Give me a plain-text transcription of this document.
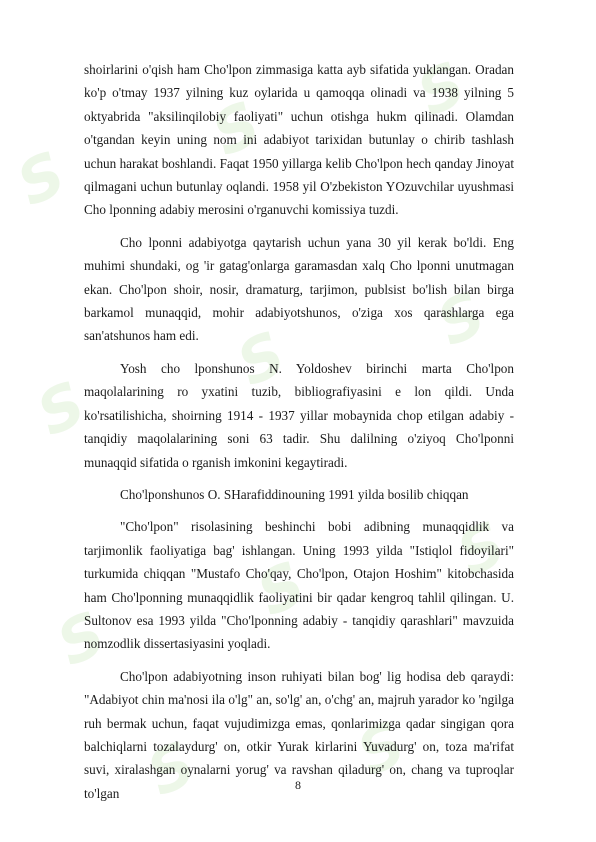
S
S S
S
S S
S
S S
S S

shoirlarini o'qish ham Cho'lpon zimmasiga katta ayb sifatida yuklangan. Oradan ko'p o'tmay 1937 yilning kuz oylarida u qamoqqa olinadi va 1938 yilning 5 oktyabrida "aksilinqilobiy faoliyati" uchun otishga hukm qilinadi. Olamdan o'tgandan keyin uning nom ini adabiyot tarixidan butunlay o chirib tashlash uchun harakat boshlandi. Faqat 1950 yillarga kelib Cho'lpon hech qanday Jinoyat qilmagani uchun butunlay oqlandi. 1958 yil O'zbekiston YOzuvchilar uyushmasi Cho lponning adabiy merosini o'rganuvchi komissiya tuzdi.

Cho lponni adabiyotga qaytarish uchun yana 30 yil kerak bo'ldi. Eng muhimi shundaki, og 'ir gatag'onlarga garamasdan xalq Cho lponni unutmagan ekan. Cho'lpon shoir, nosir, dramaturg, tarjimon, publsist bo'lish bilan birga barkamol munaqqid, mohir adabiyotshunos, o'ziga xos qarashlarga ega san'atshunos ham edi.

Yosh cho lponshunos N. Yoldoshev birinchi marta Cho'lpon maqolalarining ro yxatini tuzib, bibliografiyasini e lon qildi. Unda ko'rsatilishicha, shoirning 1914 - 1937 yillar mobaynida chop etilgan adabiy - tanqidiy maqolalarining soni 63 tadir. Shu dalilning o'ziyoq Cho'lponni munaqqid sifatida o rganish imkonini kegaytiradi.

Cho'lponshunos O. SHarafiddinouning 1991 yilda bosilib chiqqan

"Cho'lpon" risolasining beshinchi bobi adibning munaqqidlik va tarjimonlik faoliyatiga bag' ishlangan. Uning 1993 yilda "Istiqlol fidoyilari" turkumida chiqqan "Mustafo Cho'qay, Cho'lpon, Otajon Hoshim" kitobchasida ham Cho'lponning munaqqidlik faoliyatini bir qadar kengroq tahlil qilingan. U. Sultonov esa 1993 yilda "Cho'lponning adabiy - tanqidiy qarashlari" mavzuida nomzodlik dissertasiyasini yoqladi.

Cho'lpon adabiyotning inson ruhiyati bilan bog' lig hodisa deb qaraydi: "Adabiyot chin ma'nosi ila o'lg" an, so'lg' an, o'chg' an, majruh yarador ko 'ngilga ruh bermak uchun, faqat vujudimizga emas, qonlarimizga qadar singigan qora balchiqlarni tozalaydurg' on, otkir Yurak kirlarini Yuvadurg' on, toza ma'rifat suvi, xiralashgan oynalarni yorug' va ravshan qiladurg' on, chang va tuproqlar to'lgan

8
